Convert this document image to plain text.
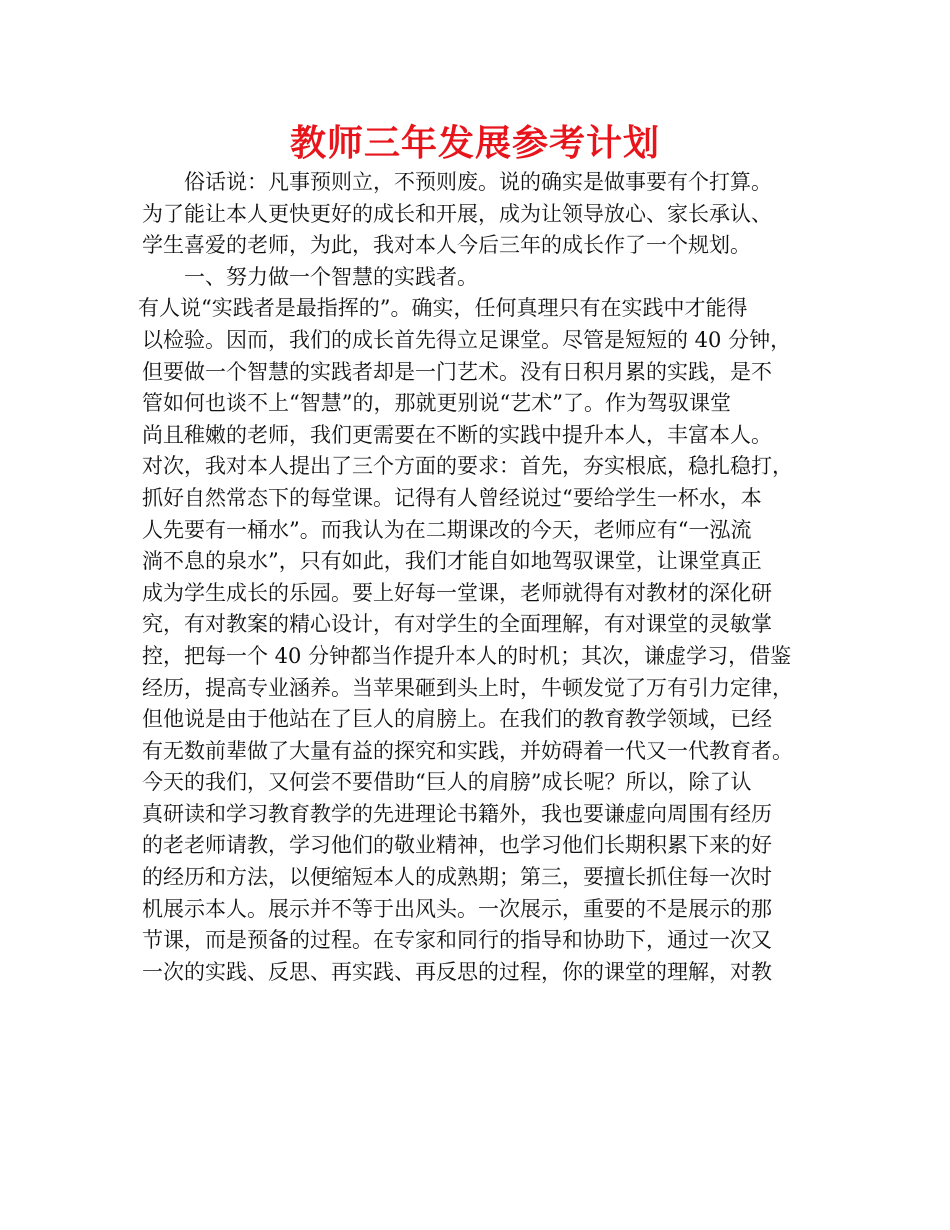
教师三年发展参考计划
俗话说：凡事预则立，不预则废。说的确实是做事要有个打算。
为了能让本人更快更好的成长和开展，成为让领导放心、家长承认、
学生喜爱的老师，为此，我对本人今后三年的成长作了一个规划。
一、努力做一个智慧的实践者。
有人说“实践者是最指挥的”。确实，任何真理只有在实践中才能得
以检验。因而，我们的成长首先得立足课堂。尽管是短短的 40 分钟，
但要做一个智慧的实践者却是一门艺术。没有日积月累的实践，是不
管如何也谈不上“智慧”的，那就更别说“艺术”了。作为驾驭课堂
尚且稚嫩的老师，我们更需要在不断的实践中提升本人，丰富本人。
对次，我对本人提出了三个方面的要求：首先，夯实根底，稳扎稳打，
抓好自然常态下的每堂课。记得有人曾经说过“要给学生一杯水，本
人先要有一桶水”。而我认为在二期课改的今天，老师应有“一泓流
淌不息的泉水”，只有如此，我们才能自如地驾驭课堂，让课堂真正
成为学生成长的乐园。要上好每一堂课，老师就得有对教材的深化研
究，有对教案的精心设计，有对学生的全面理解，有对课堂的灵敏掌
控，把每一个 40 分钟都当作提升本人的时机；其次，谦虚学习，借鉴
经历，提高专业涵养。当苹果砸到头上时，牛顿发觉了万有引力定律，
但他说是由于他站在了巨人的肩膀上。在我们的教育教学领域，已经
有无数前辈做了大量有益的探究和实践，并妨碍着一代又一代教育者。
今天的我们，又何尝不要借助“巨人的肩膀”成长呢？所以，除了认
真研读和学习教育教学的先进理论书籍外，我也要谦虚向周围有经历
的老老师请教，学习他们的敬业精神，也学习他们长期积累下来的好
的经历和方法，以便缩短本人的成熟期；第三，要擅长抓住每一次时
机展示本人。展示并不等于出风头。一次展示，重要的不是展示的那
节课，而是预备的过程。在专家和同行的指导和协助下，通过一次又
一次的实践、反思、再实践、再反思的过程，你的课堂的理解，对教
